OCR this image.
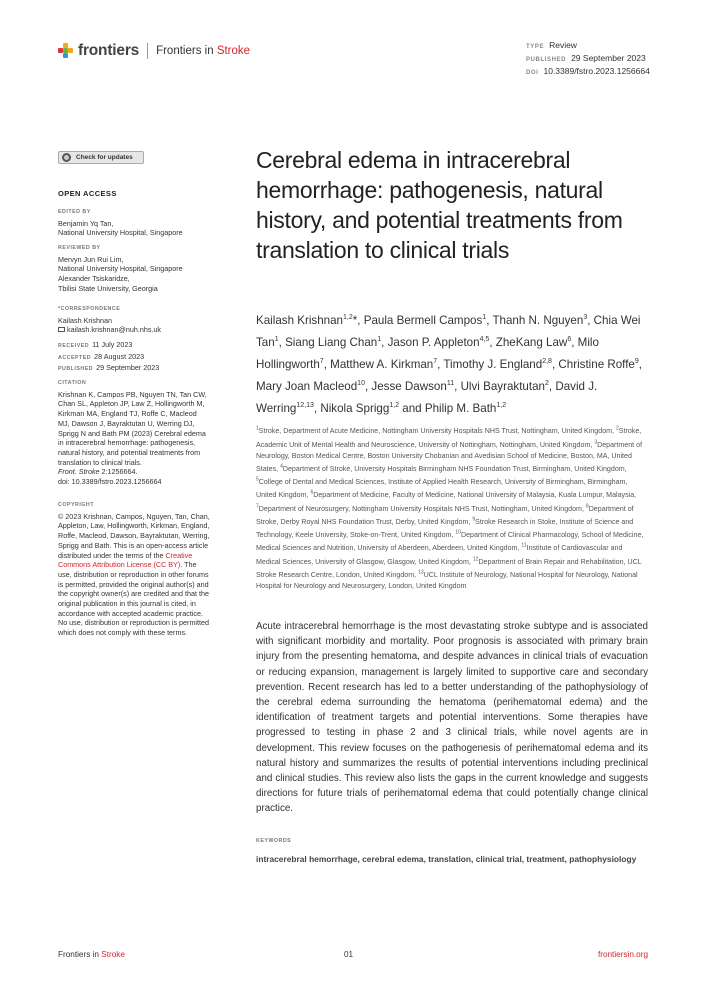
frontiers Frontiers in Stroke	TYPE Review
PUBLISHED 29 September 2023
DOI 10.3389/fstro.2023.1256664
Check for updates
OPEN ACCESS
EDITED BY

Benjamin Yq Tan,

National University Hospital, Singapore

REVIEWED BY

Mervyn Jun Rui Lim,

National University Hospital, Singapore

Alexander Tsiskaridze,

Tbilisi State University, Georgia

*CORRESPONDENCE

Kailash Krishnan

kailash.krishnan@nuh.nhs.uk

RECEIVED 11 July 2023

ACCEPTED 28 August 2023

PUBLISHED 29 September 2023

CITATION

Krishnan K, Campos PB, Nguyen TN, Tan CW, Chan SL, Appleton JP, Law Z, Hollingworth M, Kirkman MA, England TJ, Roffe C, Macleod MJ, Dawson J, Bayraktutan U, Werring DJ, Sprigg N and Bath PM (2023) Cerebral edema in intracerebral hemorrhage: pathogenesis, natural history, and potential treatments from translation to clinical trials.

Front. Stroke 2:1256664.

doi: 10.3389/fstro.2023.1256664

COPYRIGHT

© 2023 Krishnan, Campos, Nguyen, Tan, Chan, Appleton, Law, Hollingworth, Kirkman, England, Roffe, Macleod, Dawson, Bayraktutan, Werring, Sprigg and Bath. This is an open-access article distributed under the terms of the Creative Commons Attribution License (CC BY). The use, distribution or reproduction in other forums is permitted, provided the original author(s) and the copyright owner(s) are credited and that the original publication in this journal is cited, in accordance with accepted academic practice. No use, distribution or reproduction is permitted which does not comply with these terms.

Cerebral edema in intracerebral hemorrhage: pathogenesis, natural history, and potential treatments from translation to clinical trials
Kailash Krishnan$^{1,2}$*, Paula Bermell Campos$^1$, Thanh N. Nguyen$^3$, Chia Wei Tan$^1$, Siang Liang Chan$^1$, Jason P. Appleton$^{4,5}$, ZheKang Law$^6$, Milo Hollingworth$^7$, Matthew A. Kirkman$^7$, Timothy J. England$^{2,8}$, Christine Roffe$^9$, Mary Joan Macleod$^{10}$, Jesse Dawson$^{11}$, Ulvi Bayraktutan$^2$, David J. Werring$^{12,13}$, Nikola Sprigg$^{1,2}$ and Philip M. Bath$^{1,2}$
$^1$Stroke, Department of Acute Medicine, Nottingham University Hospitals NHS Trust, Nottingham, United Kingdom, $^2$Stroke, Academic Unit of Mental Health and Neuroscience, University of Nottingham, Nottingham, United Kingdom, $^3$Department of Neurology, Boston Medical Centre, Boston University Chobanian and Avedisian School of Medicine, Boston, MA, United States, $^4$Department of Stroke, University Hospitals Birmingham NHS Foundation Trust, Birmingham, United Kingdom, $^5$College of Dental and Medical Sciences, Institute of Applied Health Research, University of Birmingham, Birmingham, United Kingdom, $^6$Department of Medicine, Faculty of Medicine, National University of Malaysia, Kuala Lumpur, Malaysia, $^7$Department of Neurosurgery, Nottingham University Hospitals NHS Trust, Nottingham, United Kingdom, $^8$Department of Stroke, Derby Royal NHS Foundation Trust, Derby, United Kingdom, $^9$Stroke Research in Stoke, Institute of Science and Technology, Keele University, Stoke-on-Trent, United Kingdom, $^{10}$Department of Clinical Pharmacology, School of Medicine, Medical Sciences and Nutrition, University of Aberdeen, Aberdeen, United Kingdom, $^{11}$Institute of Cardiovascular and Medical Sciences, University of Glasgow, Glasgow, United Kingdom, $^{12}$Department of Brain Repair and Rehabilitation, UCL Stroke Research Centre, London, United Kingdom, $^{13}$UCL Institute of Neurology, National Hospital for Neurology, National Hospital for Neurology and Neurosurgery, London, United Kingdom
Acute intracerebral hemorrhage is the most devastating stroke subtype and is associated with significant morbidity and mortality. Poor prognosis is associated with primary brain injury from the presenting hematoma, and despite advances in clinical trials of evacuation or reducing expansion, management is largely limited to supportive care and secondary prevention. Recent research has led to a better understanding of the pathophysiology of the cerebral edema surrounding the hematoma (perihematomal edema) and the identification of treatment targets and potential interventions. Some therapies have progressed to testing in phase 2 and 3 clinical trials, while novel agents are in development. This review focuses on the pathogenesis of perihematomal edema and its natural history and summarizes the results of potential interventions including preclinical and clinical studies. This review also lists the gaps in the current knowledge and suggests directions for future trials of perihematomal edema that could potentially change clinical practice.
KEYWORDS
intracerebral hemorrhage, cerebral edema, translation, clinical trial, treatment, pathophysiology
Frontiers in Stroke	01	frontiersin.org
